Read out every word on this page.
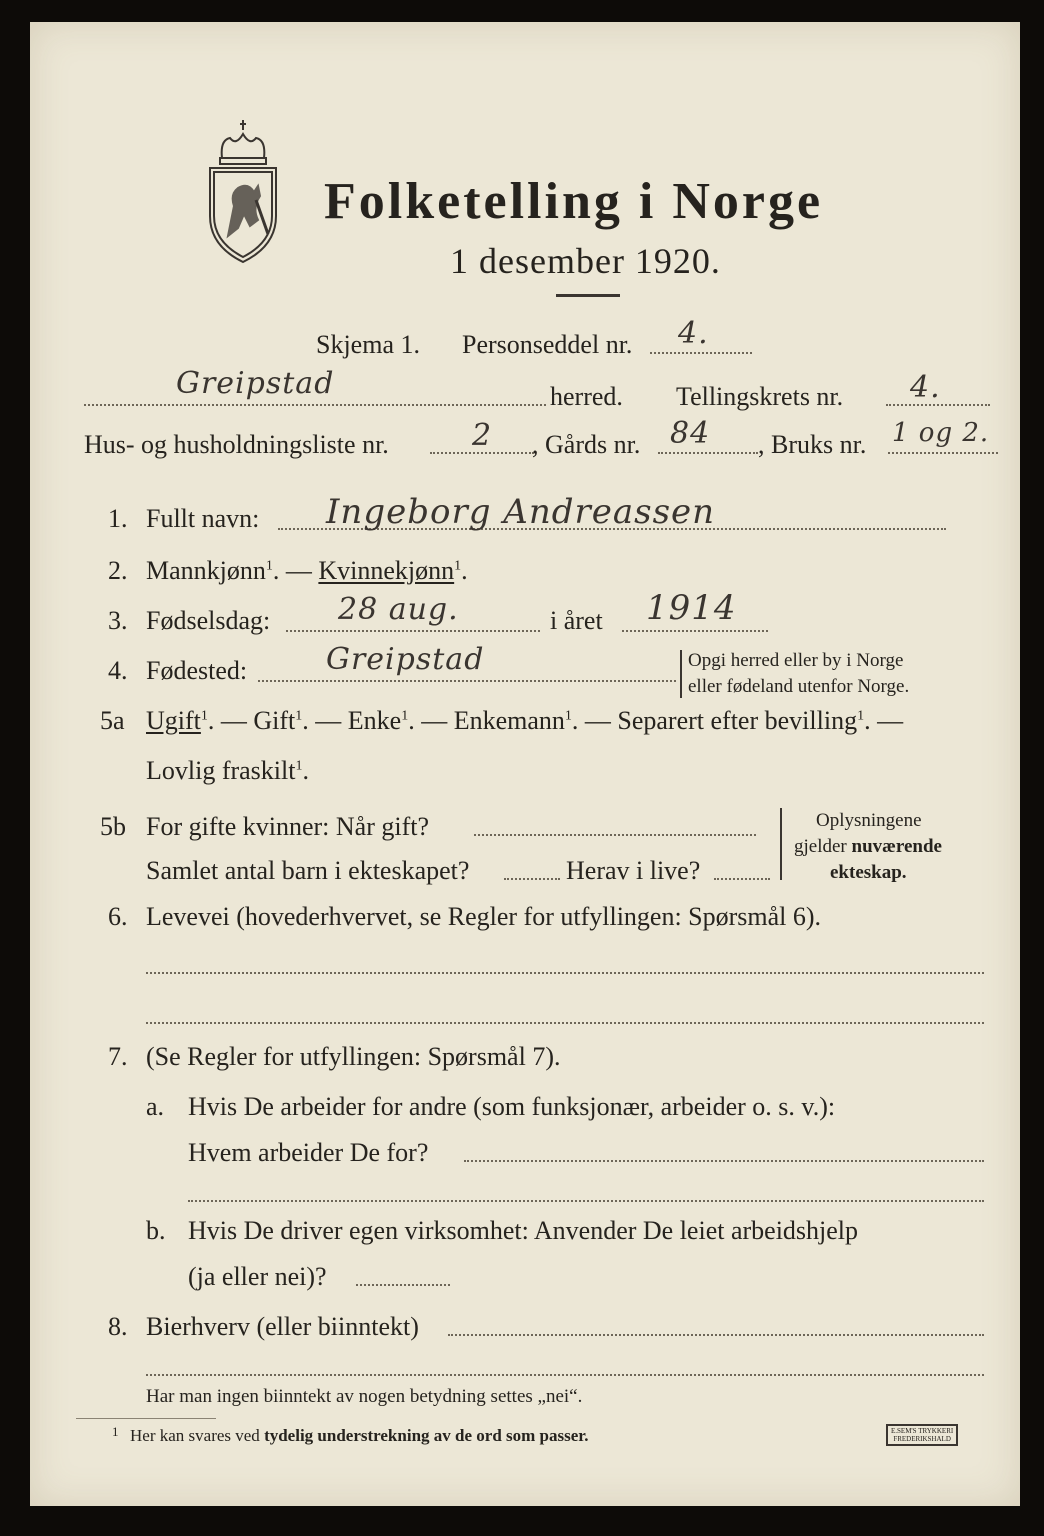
Folketelling i Norge
1 desember 1920.
Skjema 1. Personseddel nr. 4.
Greipstad	herred. Tellingskrets nr. 4.
Hus- og husholdningsliste nr.	2 , Gårds nr. 84 , Bruks nr. 1 og 2.
1. Fullt navn: Ingeborg Andreassen
2. Mannkjønn$^1$. — Kvinnekjønn$^1$.
3. Fødselsdag: 28 aug.	i året 1914
4. Fødested:	Greipstad	Opgi herred eller by i Norge
eller fødeland utenfor Norge.
5a Ugift$^1$. — Gift$^1$. — Enke$^1$. — Enkemann$^1$. — Separert efter bevilling$^1$. —
Lovlig fraskilt$^1$.
5b For gifte kvinner: Når gift?
Samlet antal barn i ekteskapet?	Herav i live?
Oplysningene
gjelder nuværende
ekteskap.
6. Levevei (hovederhvervet, se Regler for utfyllingen: Spørsmål 6).
7. (Se Regler for utfyllingen: Spørsmål 7).
a. Hvis De arbeider for andre (som funksjonær, arbeider o. s. v.):
Hvem arbeider De for?
b. Hvis De driver egen virksomhet: Anvender De leiet arbeidshjelp
(ja eller nei)?
8. Bierhverv (eller biinntekt)
Har man ingen biinntekt av nogen betydning settes „nei“.
1 Her kan svares ved tydelig understrekning av de ord som passer.	E.SEM'S TRYKKERI
FREDERIKSHALD
